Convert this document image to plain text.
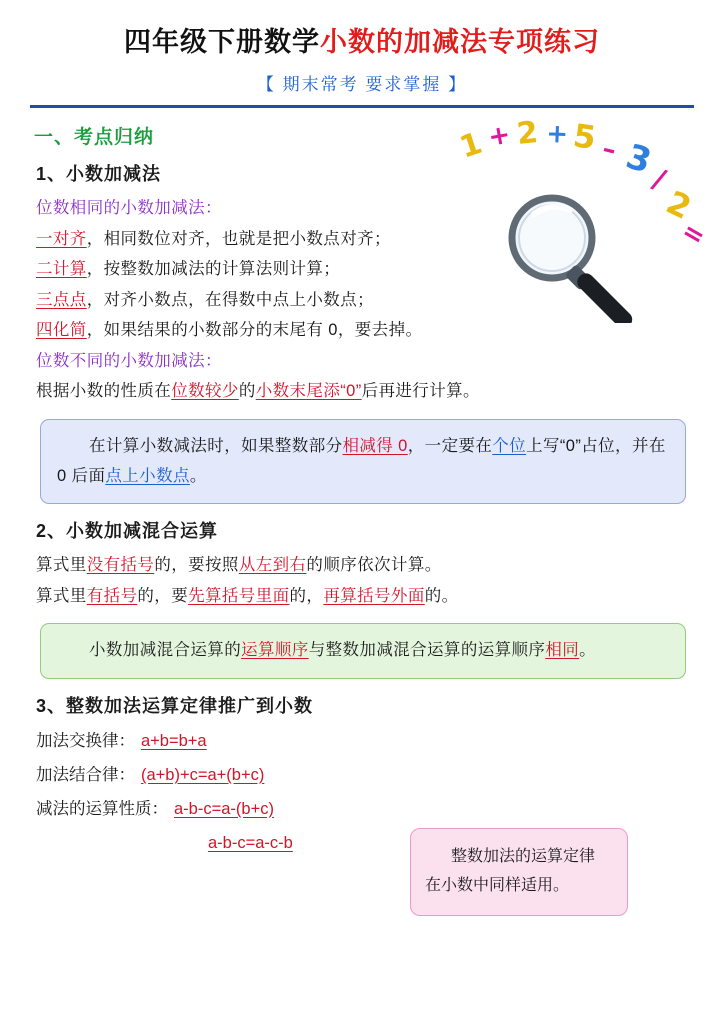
四年级下册数学小数的加减法专项练习
【 期末常考 要求掌握 】
1 + 2 + 5 – 3
/
2
=
一、考点归纳
1、小数加减法
位数相同的小数加减法：
一对齐，相同数位对齐，也就是把小数点对齐；
二计算，按整数加减法的计算法则计算；
三点点，对齐小数点，在得数中点上小数点；
四化简，如果结果的小数部分的末尾有 0，要去掉。
位数不同的小数加减法：
根据小数的性质在位数较少的小数末尾添“0”后再进行计算。
在计算小数减法时，如果整数部分相减得 0，一定要在个位上写“0”占位，并在 0 后面点上小数点。
2、小数加减混合运算
算式里没有括号的，要按照从左到右的顺序依次计算。
算式里有括号的，要先算括号里面的，再算括号外面的。
小数加减混合运算的运算顺序与整数加减混合运算的运算顺序相同。
3、整数加法运算定律推广到小数
加法交换律： a+b=b+a
加法结合律： (a+b)+c=a+(b+c)
减法的运算性质： a-b-c=a-(b+c)
a-b-c=a-c-b
整数加法的运算定律
在小数中同样适用。
